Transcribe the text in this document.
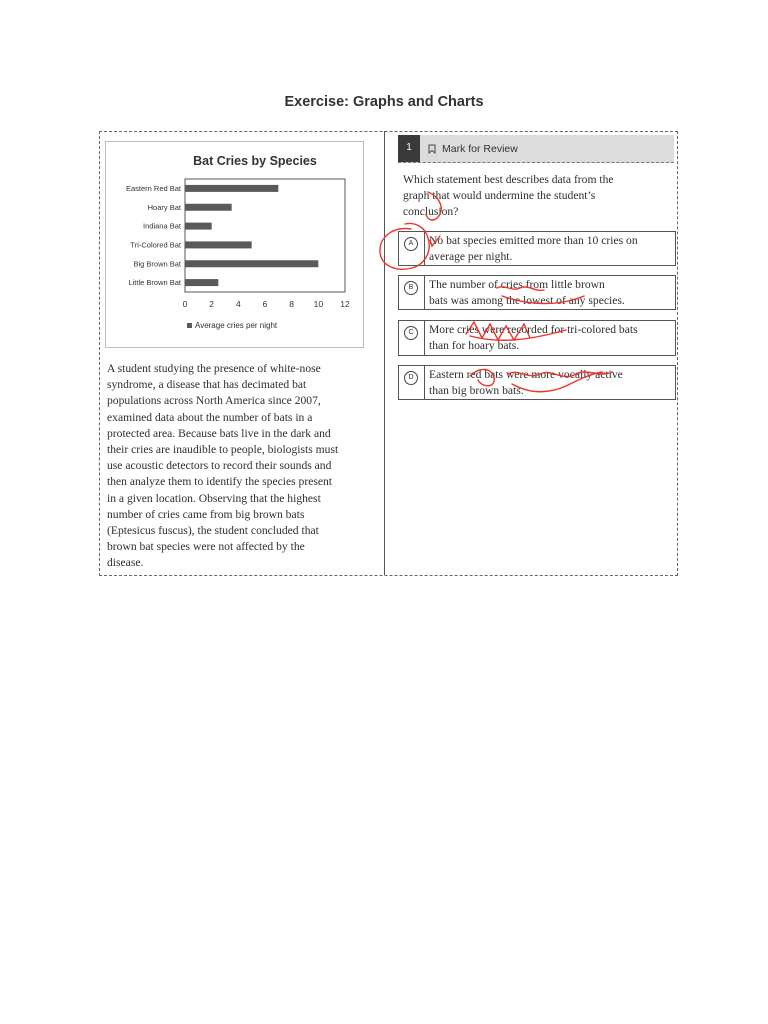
Exercise: Graphs and Charts
Bat Cries by Species
Eastern Red Bat
Hoary Bat
Indiana Bat
Tri-Colored Bat
Big Brown Bat
Little Brown Bat
0	2	4	6	8 10 12
Average cries per night

A student studying the presence of white-nose
syndrome, a disease that has decimated bat
populations across North America since 2007,
examined data about the number of bats in a
protected area. Because bats live in the dark and
their cries are inaudible to people, biologists must
use acoustic detectors to record their sounds and
then analyze them to identify the species present
in a given location. Observing that the highest
number of cries came from big brown bats
(Eptesicus fuscus), the student concluded that
brown bat species were not affected by the
disease.

1	Mark for Review

Which statement best describes data from the
graph that would undermine the student’s
conclusion?

A	No bat species emitted more than 10 cries on
average per night.
B	The number of cries from little brown
bats was among the lowest of any species.
C	More cries were recorded for tri-colored bats
than for hoary bats.
D	Eastern red bats were more vocally active
than big brown bats.
